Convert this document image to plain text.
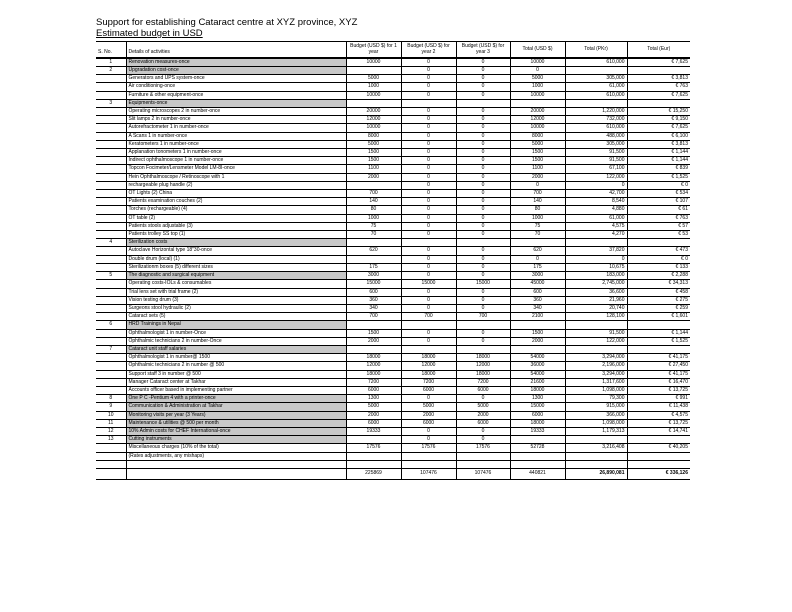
Support for establishing Cataract centre at XYZ province, XYZ
Estimated budget in USD
S. No.	Details of activities	Budget (USD $) for 1 year	Budget (USD $) for year 2	Budget (USD $) for year 3	Total (USD $)	Total (PKr)	Total (Eur)

1	Renovation measures-once	10000	0	0	10000	610,000	€ 7,625
2	Upgradation cost-once		0	0	0		
	Generators and UPS system-once	5000	0	0	5000	305,000	€ 3,813
	Air conditioning-once	1000	0	0	1000	61,000	€ 763
	Furniture & other equipment-once	10000	0	0	10000	610,000	€ 7,625
3	Equipments-once						
	Operating microscopes 2 in number-once	20000	0	0	20000	1,220,000	€ 15,250
	Slit lamps 2 in number-once	12000	0	0	12000	732,000	€ 9,150
	Autorefractometer 1 in number-once	10000	0	0	10000	610,000	€ 7,625
	A Scans 1 in number-once	8000	0	0	8000	488,000	€ 6,100
	Keratometers 1 in number-once	5000	0	0	5000	305,000	€ 3,813
	Applanation tonometers 1 in number-once	1500	0	0	1500	91,500	€ 1,144
	Indirect ophthalmoscope 1 in number-once	1500	0	0	1500	91,500	€ 1,144
	Topcon Focimeter/Lensmeter Model LM-8I-once	1100	0	0	1100	67,100	€ 839
	Hein Ophthalmoscope / Retinoscope with 1	2000	0	0	2000	122,000	€ 1,525
	rechargeable plug handle (2)		0	0	0	0	€ 0
	OT Lights (2) China	700	0	0	700	42,700	€ 534
	Patients examination couches (2)	140	0	0	140	8,540	€ 107
	Torches (rechargeable) (4)	80	0	0	80	4,880	€ 61
	OT table (2)	1000	0	0	1000	61,000	€ 763
	Patients stools adjustable (3)	75	0	0	75	4,575	€ 57
	Patients trolley SS top (1)	70	0	0	70	4,270	€ 53
4	Sterilization costs						
	Autoclave Horizontal type 18"30-once	620	0	0	620	37,820	€ 473
	Double drum (local) (1)		0	0	0	0	€ 0
	Sterilizationm boxes (5) different sizes	175	0	0	175	10,675	€ 133
5	The diagnostic and surgical equipment	3000	0	0	3000	183,000	€ 2,288
	Operating costs-IOLs & consumables	15000	15000	15000	45000	2,745,000	€ 34,313
	Trial lens set with trial frame (2)	600	0	0	600	36,600	€ 458
	Vision testing drum (3)	360	0	0	360	21,960	€ 275
	Surgeons stool hydraulic (2)	340	0	0	340	20,740	€ 259
	Cataract sets (5)	700	700	700	2100	128,100	€ 1,601
6	HRD Trainings in Nepal						
	Ophthalmologist 1 in number-Once	1500	0	0	1500	91,500	€ 1,144
	Ophthalmic technicians 2 in number-Once	2000	0	0	2000	122,000	€ 1,525
7	Cataract unit staff salaries						
	Ophthalmologist 1 in number@ 1500	18000	18000	18000	54000	3,294,000	€ 41,175
	Ophthalmic technicians 2 in number @ 500	12000	12000	12000	36000	2,196,000	€ 27,450
	Support staff 3 in number @ 500	18000	18000	18000	54000	3,294,000	€ 41,175
	Manager Cataract center at Takhar	7200	7200	7200	21600	1,317,600	€ 16,470
	Accounts officer based in implementing partner	6000	6000	6000	18000	1,098,000	€ 13,725
8	One P C -Pentium 4 with a printer-once	1300	0	0	1300	79,300	€ 991
9	Communication & Administration at Takhar	5000	5000	5000	15000	915,000	€ 11,438
10	Monitoring visits per year (3 Years)	2000	2000	2000	6000	366,000	€ 4,575
11	Maintenance & utilities @ 500 per month	6000	6000	6000	18000	1,098,000	€ 13,725
12	10% Admin costs for CHEF International-once	19333	0	0	19333	1,179,313	€ 14,741
13	Cutting instruments		0	0			
	Miscellaneous charges (10% of the total)	17576	17576	17576	52728	3,216,408	€ 40,205
	(Rates adjustments, any mishaps)						

		225869	107476	107476	440821	26,890,081	€ 336,126
